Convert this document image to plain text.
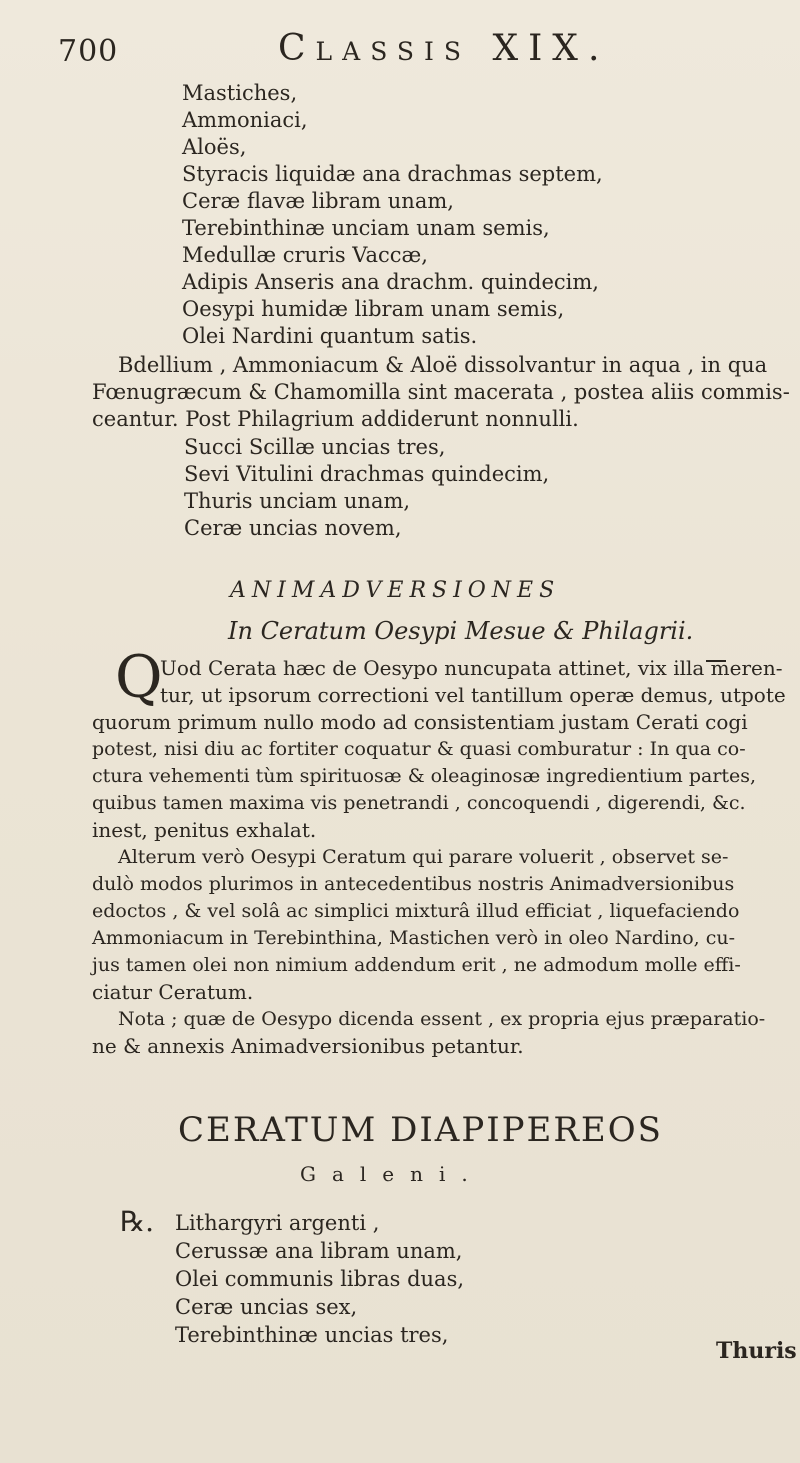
700	Classis XIX.
Mastiches,
Ammoniaci,
Aloës,
Styracis liquidæ ana drachmas septem,
Ceræ flavæ libram unam,
Terebinthinæ unciam unam semis,
Medullæ cruris Vaccæ,
Adipis Anseris ana drachm. quindecim,
Oesypi humidæ libram unam semis,
Olei Nardini quantum satis.
Bdellium , Ammoniacum & Aloë dissolvantur in aqua , in qua
Fœnugræcum & Chamomilla sint macerata , postea aliis commis-
ceantur. Post Philagrium addiderunt nonnulli.
Succi Scillæ uncias tres,
Sevi Vitulini drachmas quindecim,
Thuris unciam unam,
Ceræ uncias novem,
ANIMADVERSIONES
In Ceratum Oesypi Mesue & Philagrii.
Q
Uod Cerata hæc de Oesypo nuncupata attinet, vix illa meren-
tur, ut ipsorum correctioni vel tantillum operæ demus, utpote
quorum primum nullo modo ad consistentiam justam Cerati cogi
potest, nisi diu ac fortiter coquatur & quasi comburatur : In qua co-
ctura vehementi tùm spirituosæ & oleaginosæ ingredientium partes,
quibus tamen maxima vis penetrandi , concoquendi , digerendi, &c.
inest, penitus exhalat.
Alterum verò Oesypi Ceratum qui parare voluerit , observet se-
dulò modos plurimos in antecedentibus nostris Animadversionibus
edoctos , & vel solâ ac simplici mixturâ illud efficiat , liquefaciendo
Ammoniacum in Terebinthina, Mastichen verò in oleo Nardino, cu-
jus tamen olei non nimium addendum erit , ne admodum molle effi-
ciatur Ceratum.
Nota ; quæ de Oesypo dicenda essent , ex propria ejus præparatio-
ne & annexis Animadversionibus petantur.
CERATUM DIAPIPEREOS
Galeni.
℞. Lithargyri argenti ,
Cerussæ ana libram unam,
Olei communis libras duas,
Ceræ uncias sex,
Terebinthinæ uncias tres,
Thuris
